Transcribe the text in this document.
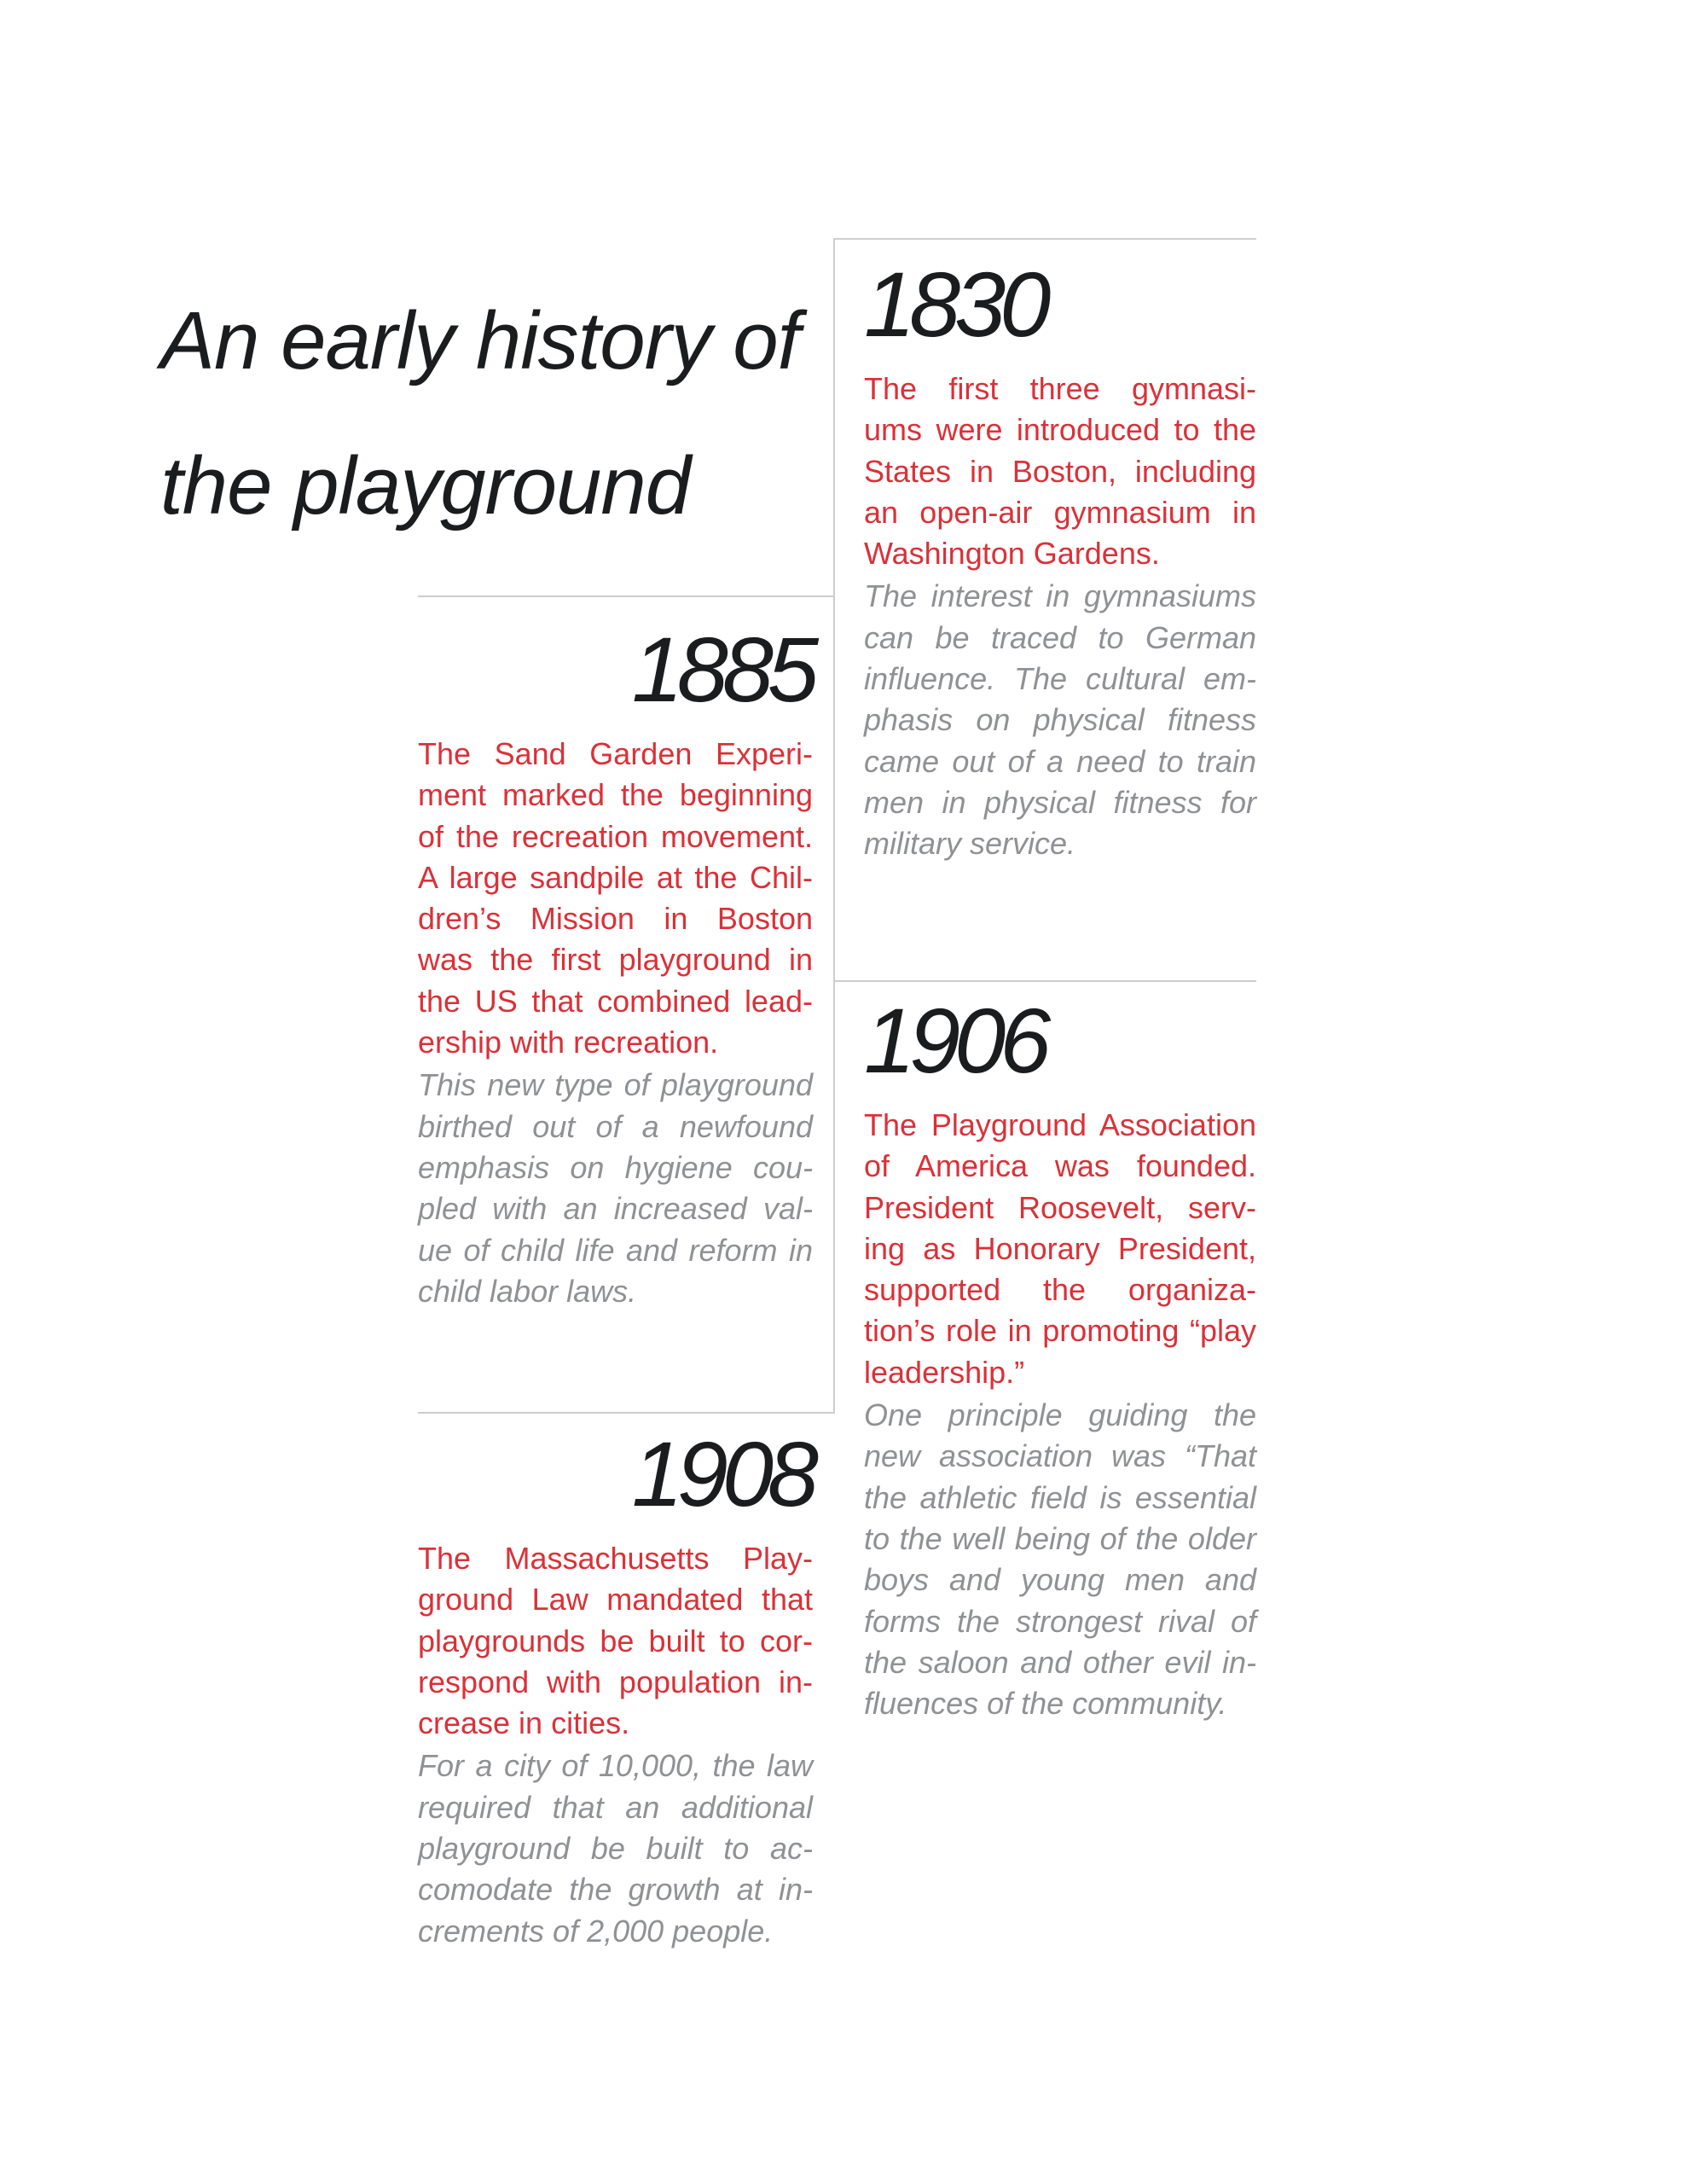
An early history of
the playground
1830
The first three gymnasi-
ums were introduced to the
States in Boston, including
an open-air gymnasium in
Washington Gardens.
The interest in gymnasiums
can be traced to German
influence. The cultural em-
phasis on physical fitness
came out of a need to train
men in physical fitness for
military service.
1885
The Sand Garden Experi-
ment marked the beginning
of the recreation movement.
A large sandpile at the Chil-
dren’s Mission in Boston
was the first playground in
the US that combined lead-
ership with recreation.
This new type of playground
birthed out of a newfound
emphasis on hygiene cou-
pled with an increased val-
ue of child life and reform in
child labor laws.
1906
The Playground Association
of America was founded.
President Roosevelt, serv-
ing as Honorary President,
supported the organiza-
tion’s role in promoting “play
leadership.”
One principle guiding the
new association was “That
the athletic field is essential
to the well being of the older
boys and young men and
forms the strongest rival of
the saloon and other evil in-
fluences of the community.
1908
The Massachusetts Play-
ground Law mandated that
playgrounds be built to cor-
respond with population in-
crease in cities.
For a city of 10,000, the law
required that an additional
playground be built to ac-
comodate the growth at in-
crements of 2,000 people.
